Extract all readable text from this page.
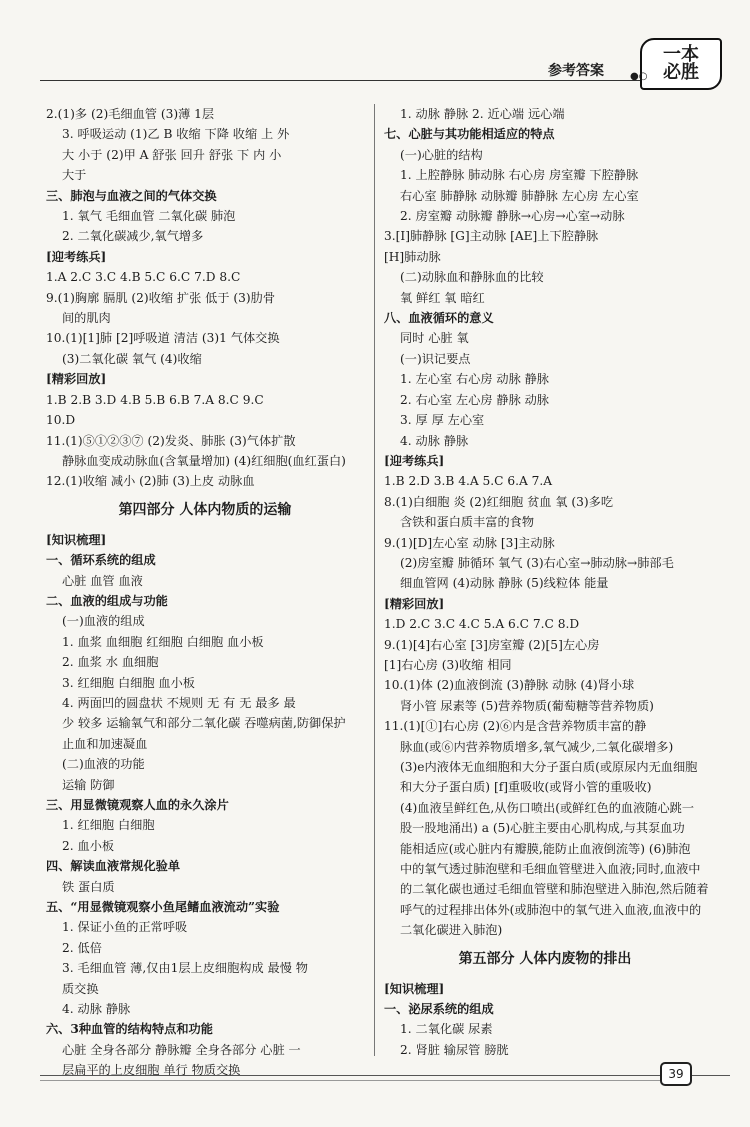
参考答案	●○
一本
必胜
2.(1)多 (2)毛细血管 (3)薄 1层
3. 呼吸运动 (1)乙 B 收缩 下降 收缩 上 外
大 小于 (2)甲 A 舒张 回升 舒张 下 内 小
大于
三、肺泡与血液之间的气体交换
1. 氧气 毛细血管 二氧化碳 肺泡
2. 二氧化碳减少,氧气增多
[迎考练兵]
1.A 2.C 3.C 4.B 5.C 6.C 7.D 8.C
9.(1)胸廓 膈肌 (2)收缩 扩张 低于 (3)肋骨
间的肌肉
10.(1)[1]肺 [2]呼吸道 清洁 (3)1 气体交换
(3)二氧化碳 氧气 (4)收缩
[精彩回放]
1.B 2.B 3.D 4.B 5.B 6.B 7.A 8.C 9.C
10.D
11.(1)⑤①②③⑦ (2)发炎、肺胀 (3)气体扩散
静脉血变成动脉血(含氧量增加) (4)红细胞(血红蛋白)
12.(1)收缩 减小 (2)肺 (3)上皮 动脉血
第四部分 人体内物质的运输
[知识梳理]
一、循环系统的组成
心脏 血管 血液
二、血液的组成与功能
(一)血液的组成
1. 血浆 血细胞 红细胞 白细胞 血小板
2. 血浆 水 血细胞
3. 红细胞 白细胞 血小板
4. 两面凹的圆盘状 不规则 无 有 无 最多 最
少 较多 运输氧气和部分二氧化碳 吞噬病菌,防御保护
止血和加速凝血
(二)血液的功能
运输 防御
三、用显微镜观察人血的永久涂片
1. 红细胞 白细胞
2. 血小板
四、解读血液常规化验单
铁 蛋白质
五、“用显微镜观察小鱼尾鳍血液流动”实验
1. 保证小鱼的正常呼吸
2. 低倍
3. 毛细血管 薄,仅由1层上皮细胞构成 最慢 物
质交换
4. 动脉 静脉
六、3种血管的结构特点和功能
心脏 全身各部分 静脉瓣 全身各部分 心脏 一
层扁平的上皮细胞 单行 物质交换
1. 动脉 静脉 2. 近心端 远心端
七、心脏与其功能相适应的特点
(一)心脏的结构
1. 上腔静脉 肺动脉 右心房 房室瓣 下腔静脉
右心室 肺静脉 动脉瓣 肺静脉 左心房 左心室
2. 房室瓣 动脉瓣 静脉→心房→心室→动脉
3.[I]肺静脉 [G]主动脉 [AE]上下腔静脉
[H]肺动脉
(二)动脉血和静脉血的比较
氧 鲜红 氧 暗红
八、血液循环的意义
同时 心脏 氧
(一)识记要点
1. 左心室 右心房 动脉 静脉
2. 右心室 左心房 静脉 动脉
3. 厚 厚 左心室
4. 动脉 静脉
[迎考练兵]
1.B 2.D 3.B 4.A 5.C 6.A 7.A
8.(1)白细胞 炎 (2)红细胞 贫血 氧 (3)多吃
含铁和蛋白质丰富的食物
9.(1)[D]左心室 动脉 [3]主动脉
(2)房室瓣 肺循环 氧气 (3)右心室→肺动脉→肺部毛
细血管网 (4)动脉 静脉 (5)线粒体 能量
[精彩回放]
1.D 2.C 3.C 4.C 5.A 6.C 7.C 8.D
9.(1)[4]右心室 [3]房室瓣 (2)[5]左心房
[1]右心房 (3)收缩 相同
10.(1)体 (2)血液倒流 (3)静脉 动脉 (4)肾小球
肾小管 尿素等 (5)营养物质(葡萄糖等营养物质)
11.(1)[①]右心房 (2)⑥内是含营养物质丰富的静
脉血(或⑥内营养物质增多,氧气减少,二氧化碳增多)
(3)e内液体无血细胞和大分子蛋白质(或原尿内无血细胞
和大分子蛋白质) [f]重吸收(或肾小管的重吸收)
(4)血液呈鲜红色,从伤口喷出(或鲜红色的血液随心跳一
股一股地涌出) a (5)心脏主要由心肌构成,与其泵血功
能相适应(或心脏内有瓣膜,能防止血液倒流等) (6)肺泡
中的氧气透过肺泡壁和毛细血管壁进入血液;同时,血液中
的二氧化碳也通过毛细血管壁和肺泡壁进入肺泡,然后随着
呼气的过程排出体外(或肺泡中的氧气进入血液,血液中的
二氧化碳进入肺泡)
第五部分 人体内废物的排出
[知识梳理]
一、泌尿系统的组成
1. 二氧化碳 尿素
2. 肾脏 输尿管 膀胱
39
